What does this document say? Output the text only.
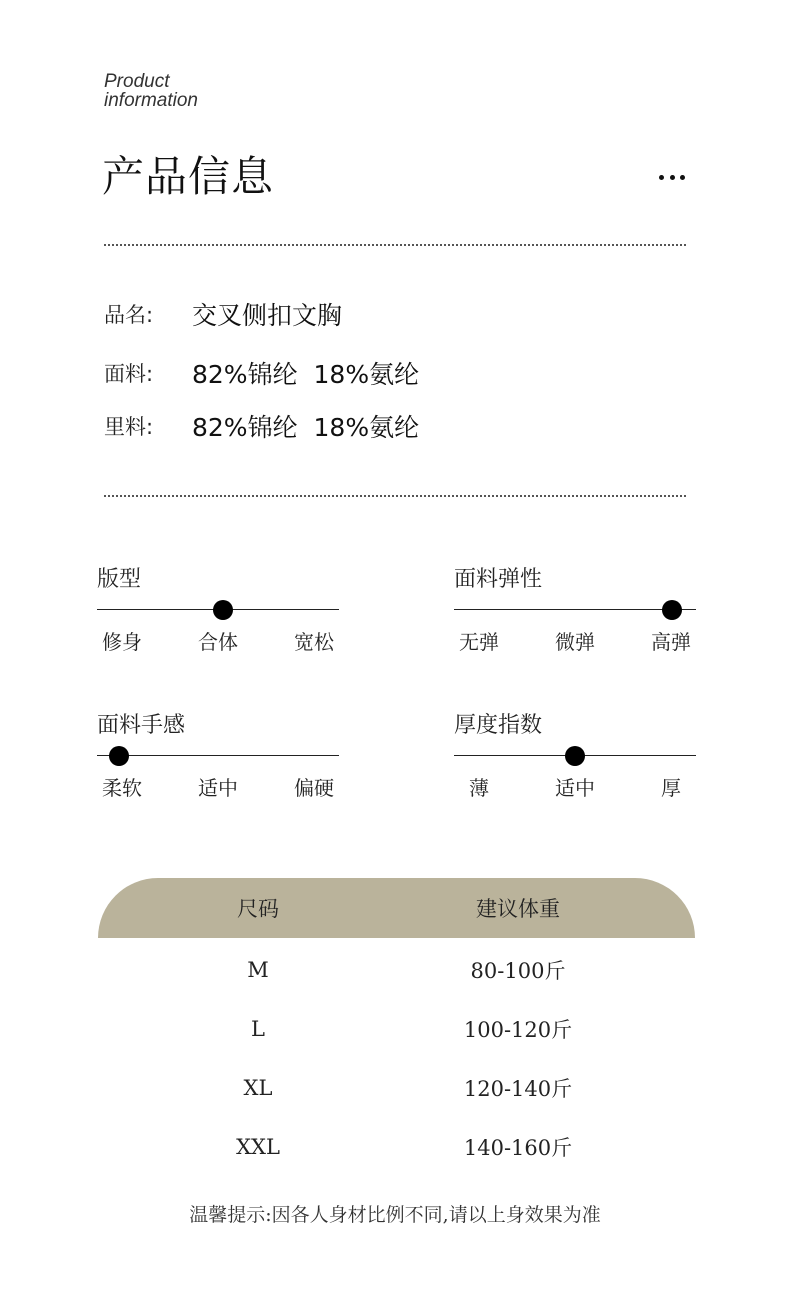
Product
information
产品信息
品名:	交叉侧扣文胸
面料:	82%锦纶 18%氨纶
里料:	82%锦纶 18%氨纶
版型
修身	合体	宽松
面料弹性
无弹	微弹	高弹
面料手感
柔软	适中	偏硬
厚度指数
薄	适中	厚
尺码	建议体重
M	80-100斤
L	100-120斤
XL	120-140斤
XXL	140-160斤
温馨提示:因各人身材比例不同,请以上身效果为准
